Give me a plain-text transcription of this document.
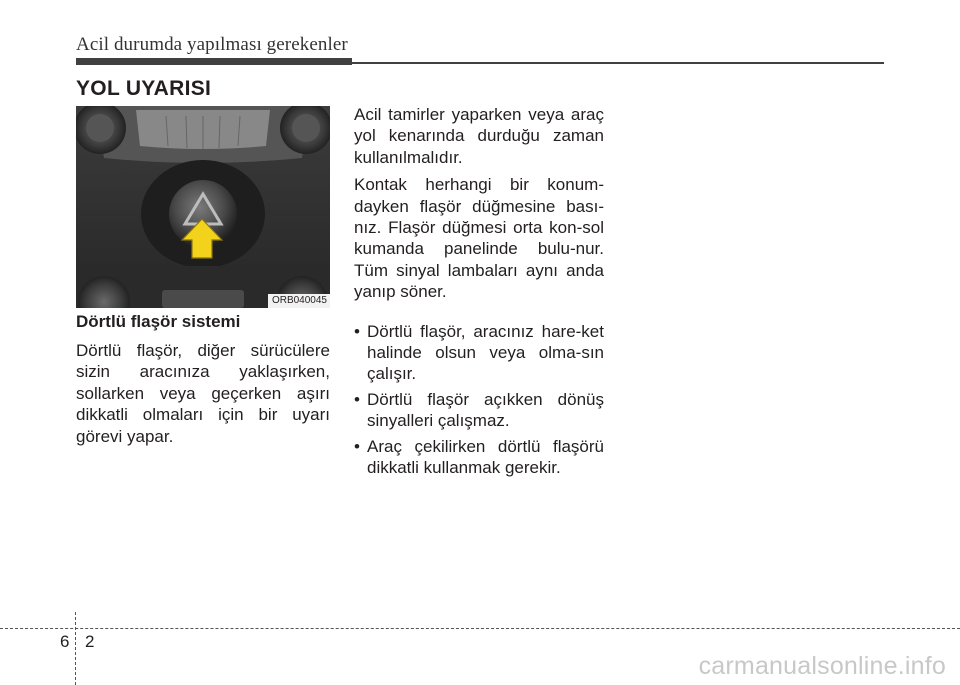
Acil durumda yapılması gerekenler
YOL UYARISI
ORB040045

Dörtlü flaşör sistemi

Dörtlü flaşör, diğer sürücülere sizin aracınıza yaklaşırken, sollarken veya geçerken aşırı dikkatli olmaları için bir uyarı görevi yapar.

Acil tamirler yaparken veya araç yol kenarında durduğu zaman kullanılmalıdır.

Kontak herhangi bir konum-dayken flaşör düğmesine bası-nız. Flaşör düğmesi orta kon-sol kumanda panelinde bulu-nur. Tüm sinyal lambaları aynı anda yanıp söner.

• Dörtlü flaşör, aracınız hare-ket halinde olsun veya olma-sın çalışır.
• Dörtlü flaşör açıkken dönüş sinyalleri çalışmaz.
• Araç çekilirken dörtlü flaşörü dikkatli kullanmak gerekir.
6 2
carmanualsonline.info
